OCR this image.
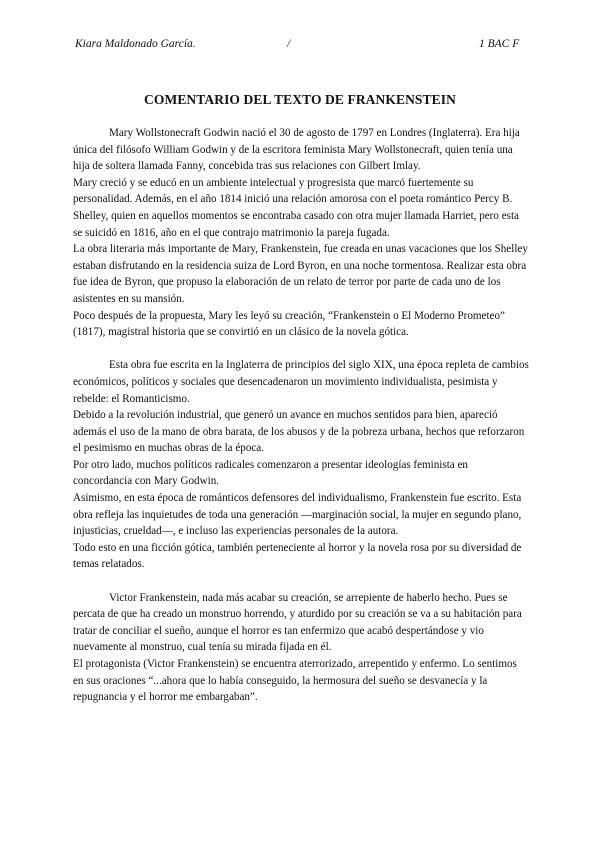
Kiara Maldonado García.	/	1 BAC F
COMENTARIO DEL TEXTO DE FRANKENSTEIN

Mary Wollstonecraft Godwin nació el 30 de agosto de 1797 en Londres (Inglaterra). Era hija única del filósofo William Godwin y de la escritora feminista Mary Wollstonecraft, quien tenía una hija de soltera llamada Fanny, concebida tras sus relaciones con Gilbert Imlay.

Mary creció y se educó en un ambiente intelectual y progresista que marcó fuertemente su personalidad. Además, en el año 1814 inició una relación amorosa con el poeta romántico Percy B. Shelley, quien en aquellos momentos se encontraba casado con otra mujer llamada Harriet, pero esta se suicidó en 1816, año en el que contrajo matrimonio la pareja fugada.

La obra literaria más importante de Mary, Frankenstein, fue creada en unas vacaciones que los Shelley estaban disfrutando en la residencia suiza de Lord Byron, en una noche tormentosa. Realizar esta obra fue idea de Byron, que propuso la elaboración de un relato de terror por parte de cada uno de los asistentes en su mansión.

Poco después de la propuesta, Mary les leyó su creación, “Frankenstein o El Moderno Prometeo” (1817), magistral historia que se convirtió en un clásico de la novela gótica.

Esta obra fue escrita en la Inglaterra de principios del siglo XIX, una época repleta de cambios económicos, políticos y sociales que desencadenaron un movimiento individualista, pesimista y rebelde: el Romanticismo.

Debido a la revolución industrial, que generó un avance en muchos sentidos para bien, apareció además el uso de la mano de obra barata, de los abusos y de la pobreza urbana, hechos que reforzaron el pesimismo en muchas obras de la época.

Por otro lado, muchos políticos radicales comenzaron a presentar ideologías feminista en concordancia con Mary Godwin.

Asimismo, en esta época de románticos defensores del individualismo, Frankenstein fue escrito. Esta obra refleja las inquietudes de toda una generación —marginación social, la mujer en segundo plano, injusticias, crueldad—, e incluso las experiencias personales de la autora.

Todo esto en una ficción gótica, también perteneciente al horror y la novela rosa por su diversidad de temas relatados.

Victor Frankenstein, nada más acabar su creación, se arrepiente de haberlo hecho. Pues se percata de que ha creado un monstruo horrendo, y aturdido por su creación se va a su habitación para tratar de conciliar el sueño, aunque el horror es tan enfermizo que acabó despertándose y vio nuevamente al monstruo, cual tenía su mirada fijada en él.

El protagonista (Victor Frankenstein) se encuentra aterrorizado, arrepentido y enfermo. Lo sentimos en sus oraciones “...ahora que lo había conseguido, la hermosura del sueño se desvanecía y la repugnancia y el horror me embargaban”.
